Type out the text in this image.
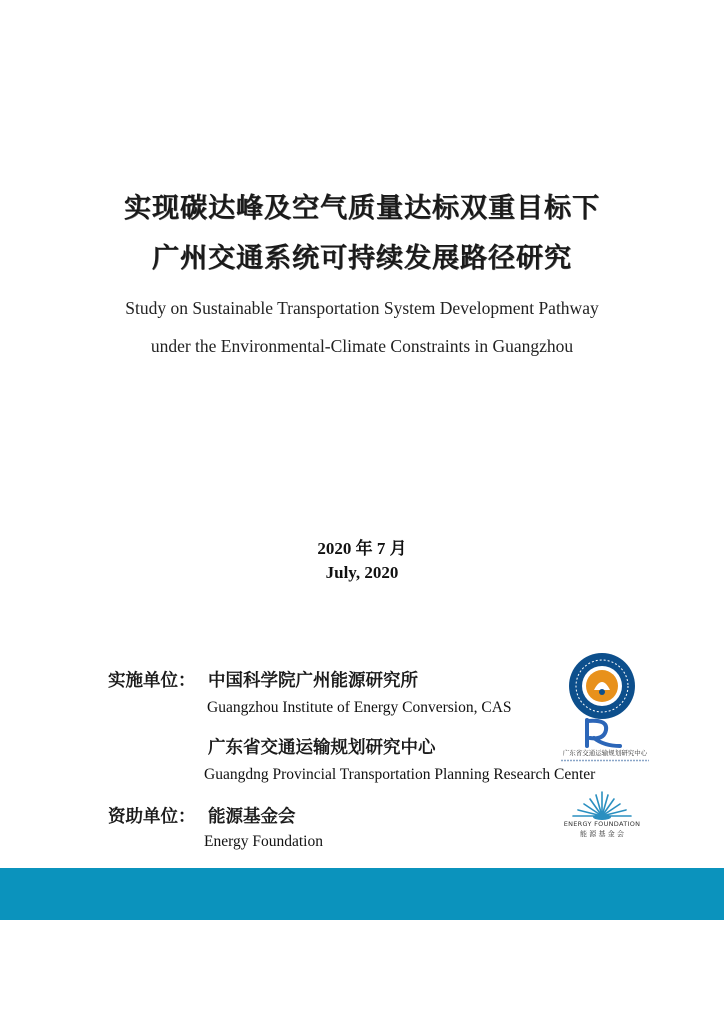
实现碳达峰及空气质量达标双重目标下
广州交通系统可持续发展路径研究
Study on Sustainable Transportation System Development Pathway
under the Environmental-Climate Constraints in Guangzhou
2020 年 7 月
July, 2020
实施单位： 中国科学院广州能源研究所
Guangzhou Institute of Energy Conversion, CAS
广东省交通运输规划研究中心
Guangdng Provincial Transportation Planning Research Center
资助单位： 能源基金会
Energy Foundation
广东省交通运输规划研究中心
ENERGY FOUNDATION
能 源 基 金 会
